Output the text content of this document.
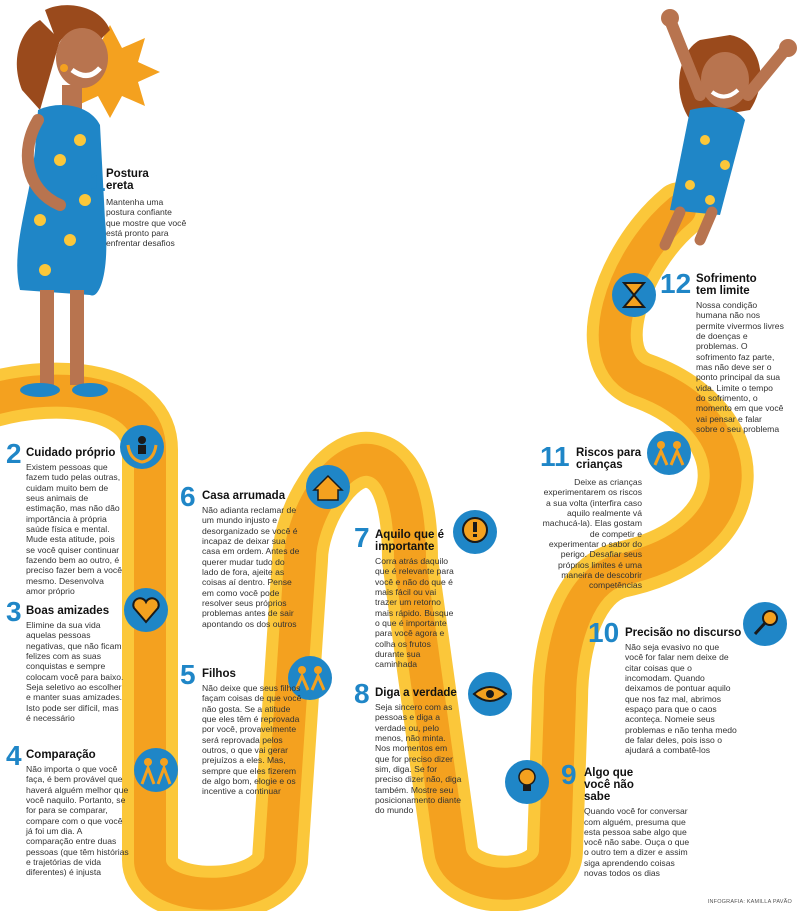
1 Postura ereta

Mantenha uma postura confiante que mostre que você está pronto para enfrentar desafios

2 Cuidado próprio

Existem pessoas que fazem tudo pelas outras, cuidam muito bem de seus animais de estimação, mas não dão importância à própria saúde física e mental. Mude esta atitude, pois se você quiser continuar fazendo bem ao outro, é preciso fazer bem a você mesmo. Desenvolva amor próprio

3 Boas amizades

Elimine da sua vida aquelas pessoas negativas, que não ficam felizes com as suas conquistas e sempre colocam você para baixo. Seja seletivo ao escolher e manter suas amizades. Isto pode ser difícil, mas é necessário

4 Comparação

Não importa o que você faça, é bem provável que haverá alguém melhor que você naquilo. Portanto, se for para se comparar, compare com o que você já foi um dia. A comparação entre duas pessoas (que têm histórias e trajetórias de vida diferentes) é injusta

5 Filhos

Não deixe que seus filhos façam coisas de que você não gosta. Se a atitude que eles têm é reprovada por você, provavelmente será reprovada pelos outros, o que vai gerar prejuízos a eles. Mas, sempre que eles fizerem de algo bom, elogie e os incentive a continuar

6 Casa arrumada

Não adianta reclamar de um mundo injusto e desorganizado se você é incapaz de deixar sua casa em ordem. Antes de querer mudar tudo do lado de fora, ajeite as coisas aí dentro. Pense em como você pode resolver seus próprios problemas antes de sair apontando os dos outros

7 Aquilo que é importante

Corra atrás daquilo que é relevante para você e não do que é mais fácil ou vai trazer um retorno mais rápido. Busque o que é importante para você agora e colha os frutos durante sua caminhada

8 Diga a verdade

Seja sincero com as pessoas e diga a verdade ou, pelo menos, não minta. Nos momentos em que for preciso dizer sim, diga. Se for preciso dizer não, diga também. Mostre seu posicionamento diante do mundo

9 Algo que você não sabe

Quando você for conversar com alguém, presuma que esta pessoa sabe algo que você não sabe. Ouça o que o outro tem a dizer e assim siga aprendendo coisas novas todos os dias

10 Precisão no discurso

Não seja evasivo no que você for falar nem deixe de citar coisas que o incomodam. Quando deixamos de pontuar aquilo que nos faz mal, abrimos espaço para que o caos aconteça. Nomeie seus problemas e não tenha medo de falar deles, pois isso o ajudará a combatê-los

11 Riscos para crianças

Deixe as crianças experimentarem os riscos a sua volta (interfira caso aquilo realmente vá machucá-la). Elas gostam de competir e experimentar o sabor do perigo. Desafiar seus próprios limites é uma maneira de descobrir competências

12 Sofrimento tem limite

Nossa condição humana não nos permite vivermos livres de doenças e problemas. O sofrimento faz parte, mas não deve ser o ponto principal da sua vida. Limite o tempo do sofrimento, o momento em que você vai pensar e falar sobre o seu problema

INFOGRAFIA: KAMILLA PAVÃO
